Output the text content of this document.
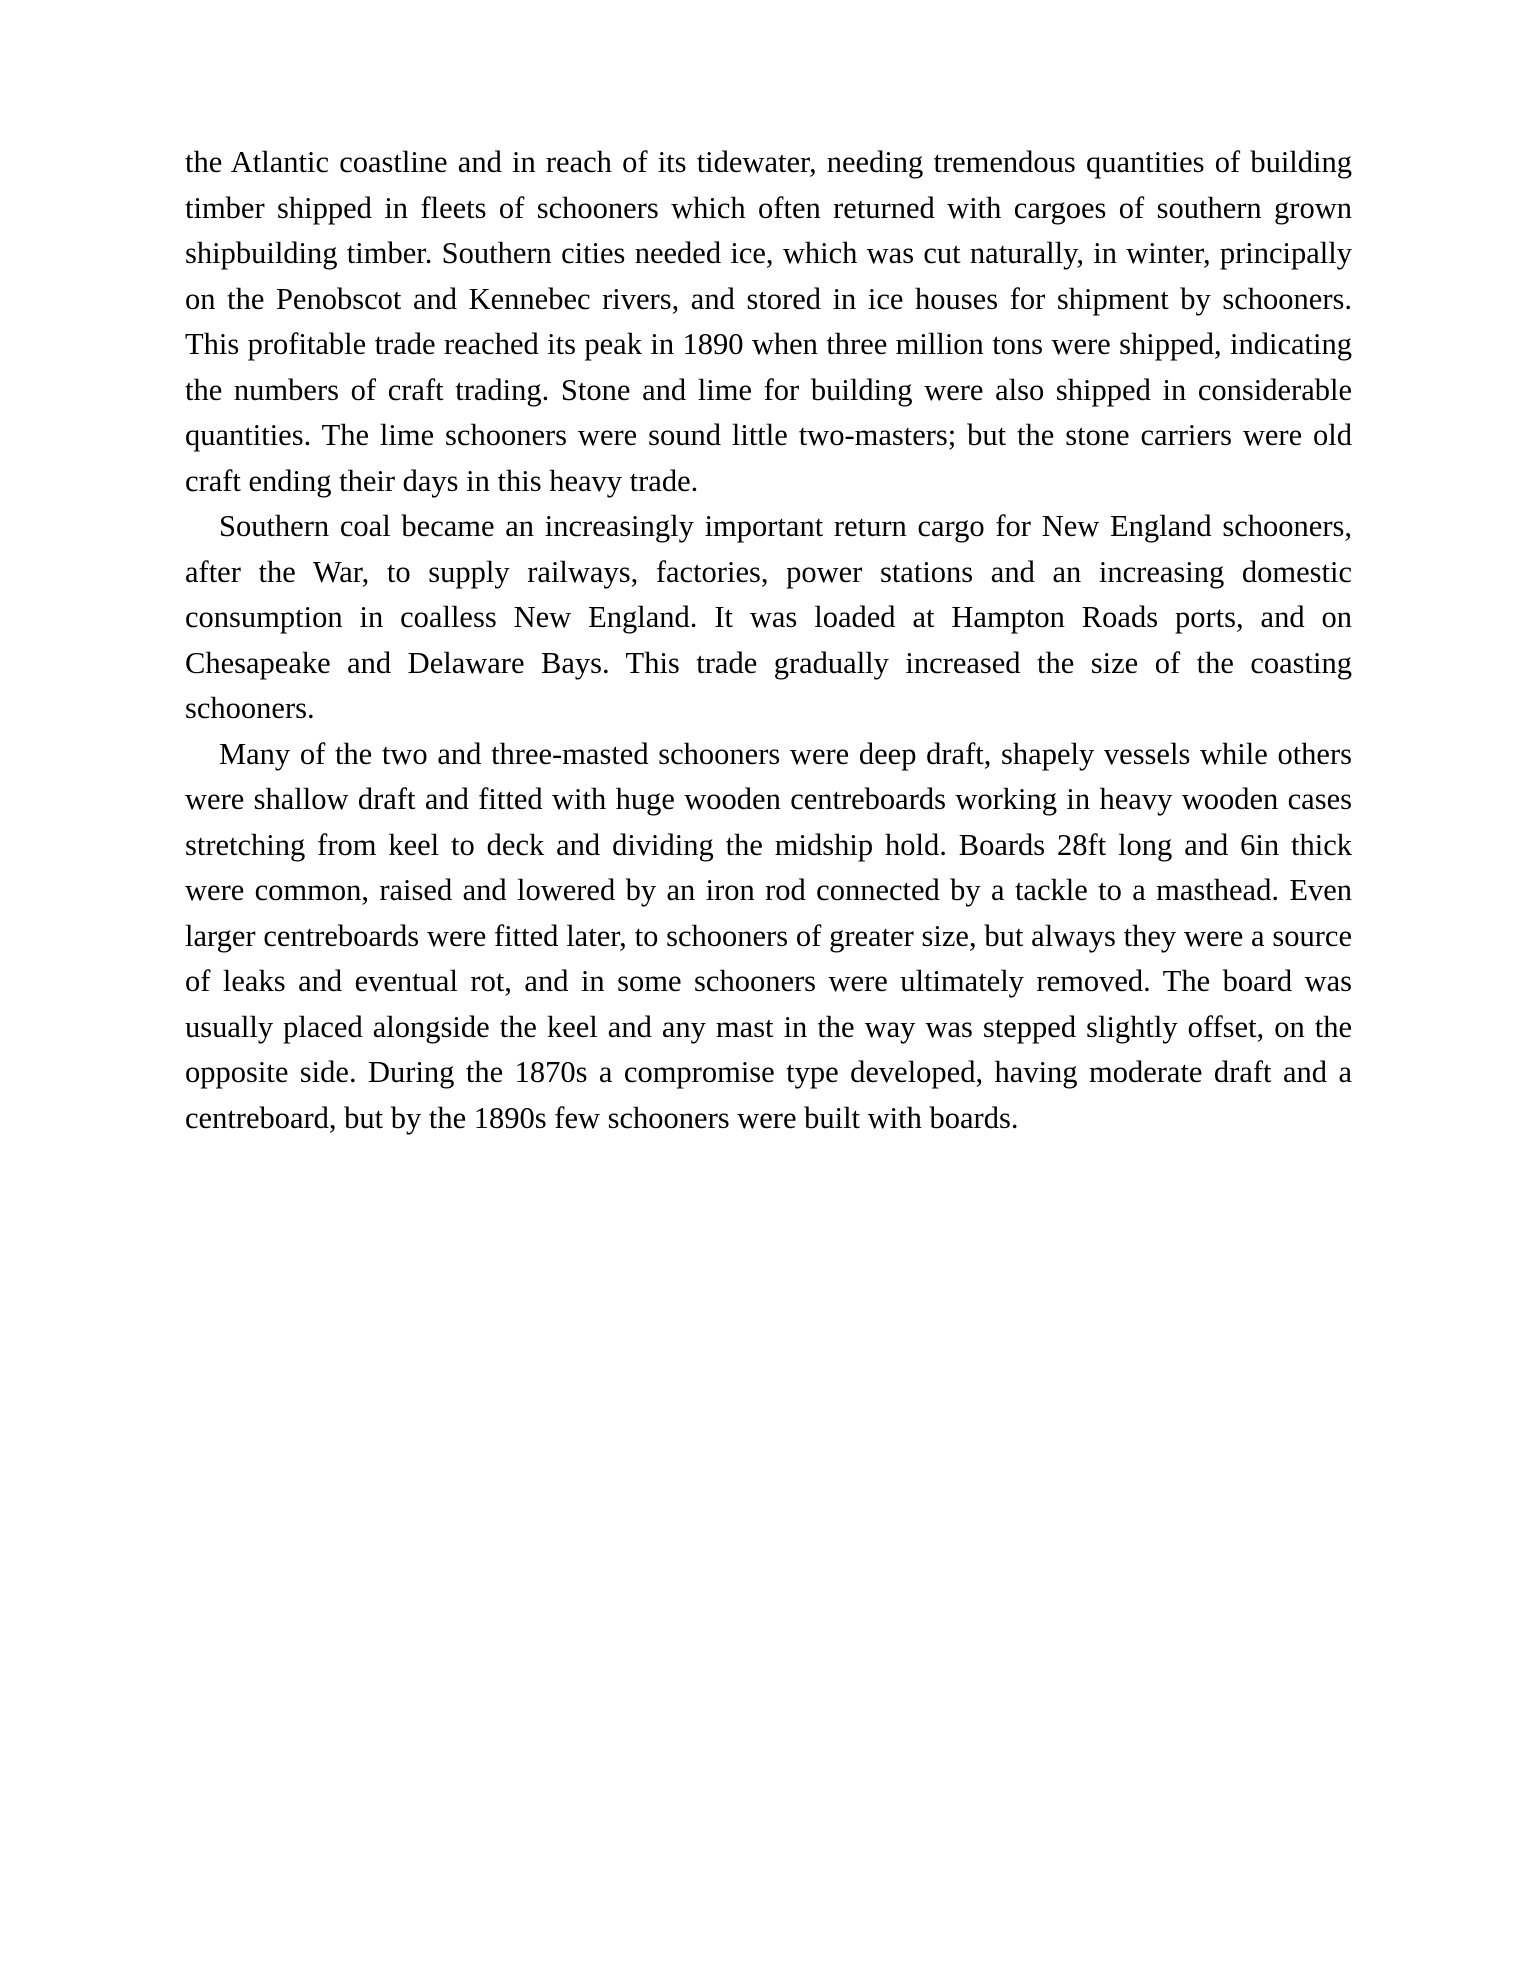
the Atlantic coastline and in reach of its tidewater, needing tremendous quantities of building timber shipped in fleets of schooners which often returned with cargoes of southern grown shipbuilding timber. Southern cities needed ice, which was cut naturally, in winter, principally on the Penobscot and Kennebec rivers, and stored in ice houses for shipment by schooners. This profitable trade reached its peak in 1890 when three million tons were shipped, indicating the numbers of craft trading. Stone and lime for building were also shipped in considerable quantities. The lime schooners were sound little two-masters; but the stone carriers were old craft ending their days in this heavy trade.

Southern coal became an increasingly important return cargo for New England schooners, after the War, to supply railways, factories, power stations and an increasing domestic consumption in coalless New England. It was loaded at Hampton Roads ports, and on Chesapeake and Delaware Bays. This trade gradually increased the size of the coasting schooners.

Many of the two and three-masted schooners were deep draft, shapely vessels while others were shallow draft and fitted with huge wooden centreboards working in heavy wooden cases stretching from keel to deck and dividing the midship hold. Boards 28ft long and 6in thick were common, raised and lowered by an iron rod connected by a tackle to a masthead. Even larger centreboards were fitted later, to schooners of greater size, but always they were a source of leaks and eventual rot, and in some schooners were ultimately removed. The board was usually placed alongside the keel and any mast in the way was stepped slightly offset, on the opposite side. During the 1870s a compromise type developed, having moderate draft and a centreboard, but by the 1890s few schooners were built with boards.
